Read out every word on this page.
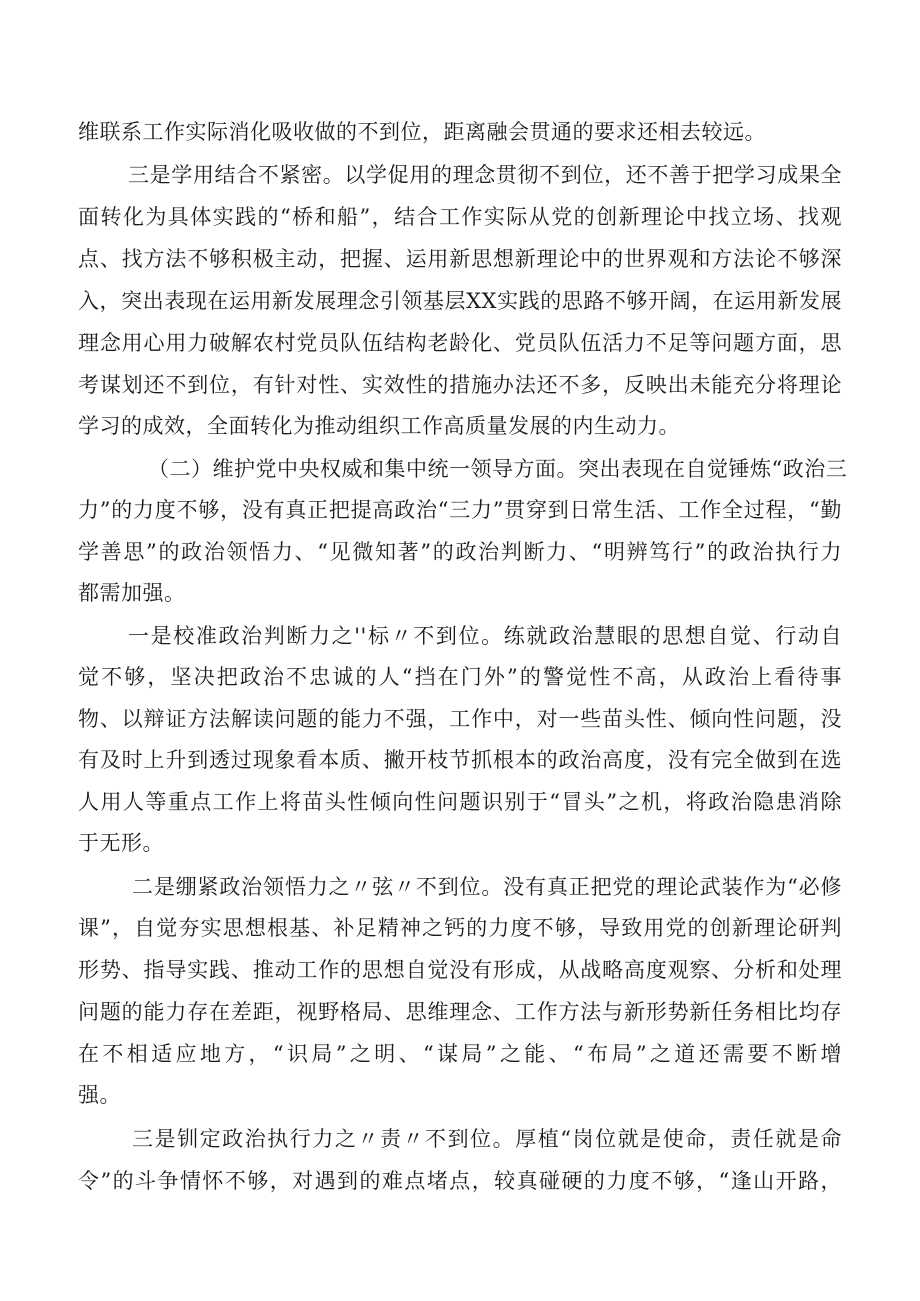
维联系工作实际消化吸收做的不到位，距离融会贯通的要求还相去较远。

三是学用结合不紧密。以学促用的理念贯彻不到位，还不善于把学习成果全

面转化为具体实践的“桥和船”，结合工作实际从党的创新理论中找立场、找观

点、找方法不够积极主动，把握、运用新思想新理论中的世界观和方法论不够深

入，突出表现在运用新发展理念引领基层XX实践的思路不够开阔，在运用新发展

理念用心用力破解农村党员队伍结构老龄化、党员队伍活力不足等问题方面，思

考谋划还不到位，有针对性、实效性的措施办法还不多，反映出未能充分将理论

学习的成效，全面转化为推动组织工作高质量发展的内生动力。

（二）维护党中央权威和集中统一领导方面。突出表现在自觉锤炼“政治三

力”的力度不够，没有真正把提高政治“三力”贯穿到日常生活、工作全过程，“勤

学善思”的政治领悟力、“见微知著”的政治判断力、“明辨笃行”的政治执行力

都需加强。

一是校准政治判断力之''标〃不到位。练就政治慧眼的思想自觉、行动自

觉不够，坚决把政治不忠诚的人“挡在门外”的警觉性不高，从政治上看待事

物、以辩证方法解读问题的能力不强，工作中，对一些苗头性、倾向性问题，没

有及时上升到透过现象看本质、撇开枝节抓根本的政治高度，没有完全做到在选

人用人等重点工作上将苗头性倾向性问题识别于“冒头”之机，将政治隐患消除

于无形。

二是绷紧政治领悟力之〃弦〃不到位。没有真正把党的理论武装作为“必修

课”，自觉夯实思想根基、补足精神之钙的力度不够，导致用党的创新理论研判

形势、指导实践、推动工作的思想自觉没有形成，从战略高度观察、分析和处理

问题的能力存在差距，视野格局、思维理念、工作方法与新形势新任务相比均存

在不相适应地方，“识局”之明、“谋局”之能、“布局”之道还需要不断增

强。

三是钏定政治执行力之〃责〃不到位。厚植“岗位就是使命，责任就是命

令”的斗争情怀不够，对遇到的难点堵点，较真碰硬的力度不够，“逢山开路，
